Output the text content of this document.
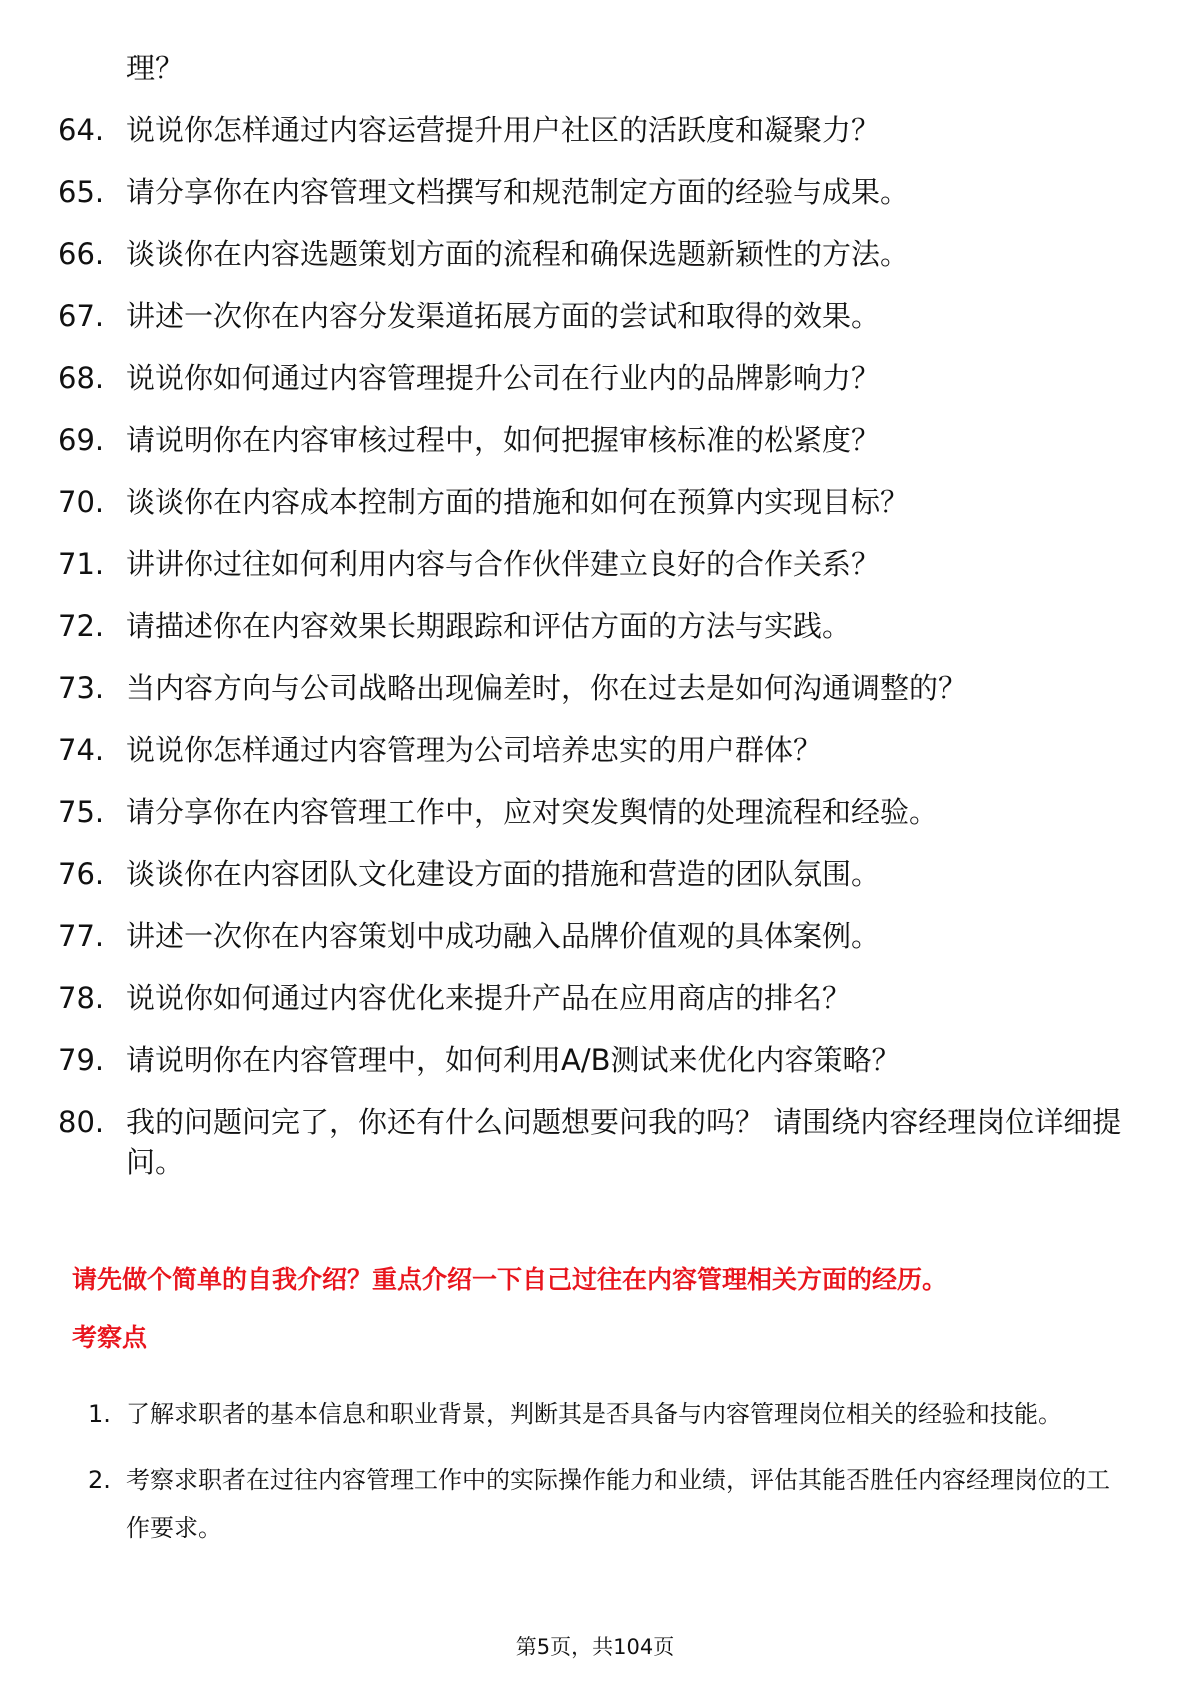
理？
64. 说说你怎样通过内容运营提升用户社区的活跃度和凝聚力？
65. 请分享你在内容管理文档撰写和规范制定方面的经验与成果。
66. 谈谈你在内容选题策划方面的流程和确保选题新颖性的方法。
67. 讲述一次你在内容分发渠道拓展方面的尝试和取得的效果。
68. 说说你如何通过内容管理提升公司在行业内的品牌影响力？
69. 请说明你在内容审核过程中，如何把握审核标准的松紧度？
70. 谈谈你在内容成本控制方面的措施和如何在预算内实现目标？
71. 讲讲你过往如何利用内容与合作伙伴建立良好的合作关系？
72. 请描述你在内容效果长期跟踪和评估方面的方法与实践。
73. 当内容方向与公司战略出现偏差时，你在过去是如何沟通调整的？
74. 说说你怎样通过内容管理为公司培养忠实的用户群体？
75. 请分享你在内容管理工作中，应对突发舆情的处理流程和经验。
76. 谈谈你在内容团队文化建设方面的措施和营造的团队氛围。
77. 讲述一次你在内容策划中成功融入品牌价值观的具体案例。
78. 说说你如何通过内容优化来提升产品在应用商店的排名？
79. 请说明你在内容管理中，如何利用A/B测试来优化内容策略？
80. 我的问题问完了，你还有什么问题想要问我的吗？ 请围绕内容经理岗位详细提问。
请先做个简单的自我介绍？重点介绍一下自己过往在内容管理相关方面的经历。
考察点
1. 了解求职者的基本信息和职业背景，判断其是否具备与内容管理岗位相关的经验和技能。
2. 考察求职者在过往内容管理工作中的实际操作能力和业绩，评估其能否胜任内容经理岗位的工作要求。
第5页，共104页
